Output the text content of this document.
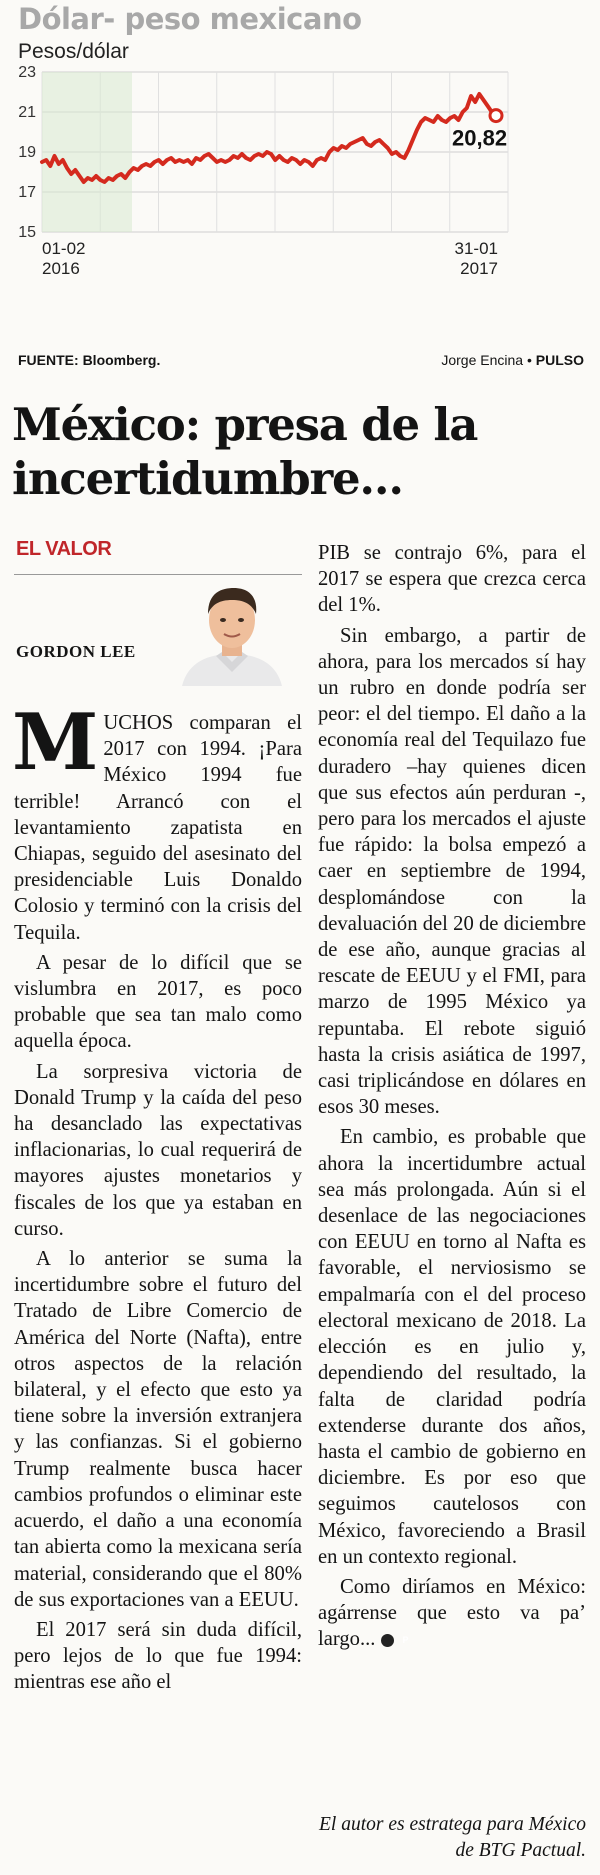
Dólar- peso mexicano
Pesos/dólar
23
21
19
17
15
20,82
01-02
2016
31-01
2017
FUENTE: Bloomberg.	Jorge Encina • PULSO
México: presa de la incertidumbre...
EL VALOR
GORDON LEE

MUCHOS comparan el 2017 con 1994. ¡Para México 1994 fue terrible! Arrancó con el levantamiento zapatista en Chiapas, seguido del asesinato del presidenciable Luis Donaldo Colosio y terminó con la crisis del Tequila.

A pesar de lo difícil que se vislumbra en 2017, es poco probable que sea tan malo como aquella época.

La sorpresiva victoria de Donald Trump y la caída del peso ha desanclado las expectativas inflacionarias, lo cual requerirá de mayores ajustes monetarios y fiscales de los que ya estaban en curso.

A lo anterior se suma la incertidumbre sobre el futuro del Tratado de Libre Comercio de América del Norte (Nafta), entre otros aspectos de la relación bilateral, y el efecto que esto ya tiene sobre la inversión extranjera y las confianzas. Si el gobierno Trump realmente busca hacer cambios profundos o eliminar este acuerdo, el daño a una economía tan abierta como la mexicana sería material, considerando que el 80% de sus exportaciones van a EEUU.

El 2017 será sin duda difícil, pero lejos de lo que fue 1994: mientras ese año el

PIB se contrajo 6%, para el 2017 se espera que crezca cerca del 1%.

Sin embargo, a partir de ahora, para los mercados sí hay un rubro en donde podría ser peor: el del tiempo. El daño a la economía real del Tequilazo fue duradero –hay quienes dicen que sus efectos aún perduran -, pero para los mercados el ajuste fue rápido: la bolsa empezó a caer en septiembre de 1994, desplomándose con la devaluación del 20 de diciembre de ese año, aunque gracias al rescate de EEUU y el FMI, para marzo de 1995 México ya repuntaba. El rebote siguió hasta la crisis asiática de 1997, casi triplicándose en dólares en esos 30 meses.

En cambio, es probable que ahora la incertidumbre actual sea más prolongada. Aún si el desenlace de las negociaciones con EEUU en torno al Nafta es favorable, el nerviosismo se empalmaría con el del proceso electoral mexicano de 2018. La elección es en julio y, dependiendo del resultado, la falta de claridad podría extenderse durante dos años, hasta el cambio de gobierno en diciembre. Es por eso que seguimos cautelosos con México, favoreciendo a Brasil en un contexto regional.

Como diríamos en México: agárrense que esto va pa’ largo...	P

El autor es estratega para México de BTG Pactual.
